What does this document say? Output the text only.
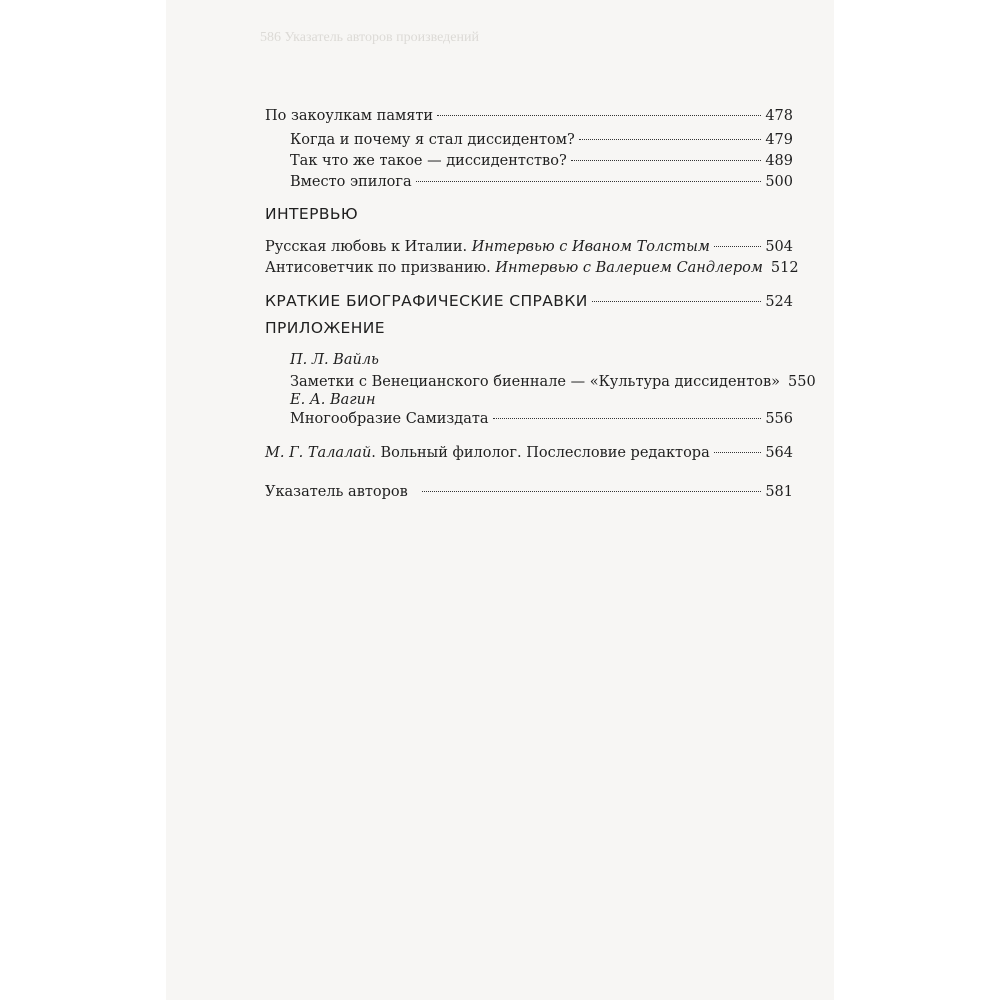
586 Указатель авторов произведений
По закоулкам памяти	478
Когда и почему я стал диссидентом?	479
Так что же такое — диссидентство?	489
Вместо эпилога	500
ИНТЕРВЬЮ
Русская любовь к Италии.
Интервью с Иваном Толстым	504
Антисоветчик по призванию.
Интервью с Валерием Сандлером 512
КРАТКИЕ БИОГРАФИЧЕСКИЕ СПРАВКИ	524
ПРИЛОЖЕНИЕ
П. Л. Вайль
Заметки с Венецианского биеннале — «Культура диссидентов» 550
Е. А. Вагин
Многообразие Самиздата	556
М. Г. Талалай . Вольный филолог. Послесловие редактора	564
Указатель авторов	581
